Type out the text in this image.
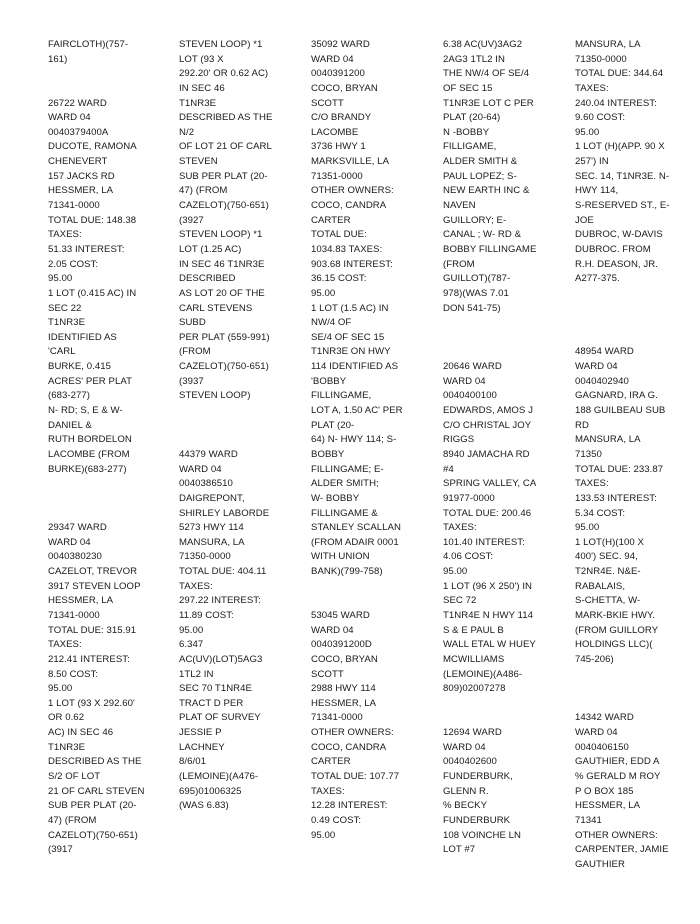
FAIRCLOTH)(757-
161)
26722 WARD
WARD 04
0040379400A
DUCOTE, RAMONA
CHENEVERT
157 JACKS RD
HESSMER, LA
71341-0000
TOTAL DUE: 148.38
TAXES:
51.33 INTEREST:
2.05 COST:
95.00
1 LOT (0.415 AC) IN
SEC 22
T1NR3E
IDENTIFIED AS
'CARL
BURKE, 0.415
ACRES' PER PLAT
(683-277)
N- RD; S, E & W-
DANIEL &
RUTH BORDELON
LACOMBE (FROM
BURKE)(683-277)
29347 WARD
WARD 04
0040380230
CAZELOT, TREVOR
3917 STEVEN LOOP
HESSMER, LA
71341-0000
TOTAL DUE: 315.91
TAXES:
212.41 INTEREST:
8.50 COST:
95.00
1 LOT (93 X 292.60'
OR 0.62
AC) IN SEC 46
T1NR3E
DESCRIBED AS THE
S/2 OF LOT
21 OF CARL STEVEN
SUB PER PLAT (20-
47) (FROM
CAZELOT)(750-651)
(3917
STEVEN LOOP) *1
LOT (93 X
292.20' OR 0.62 AC)
IN SEC 46
T1NR3E
DESCRIBED AS THE
N/2
OF LOT 21 OF CARL
STEVEN
SUB PER PLAT (20-
47) (FROM
CAZELOT)(750-651)
(3927
STEVEN LOOP) *1
LOT (1.25 AC)
IN SEC 46 T1NR3E
DESCRIBED
AS LOT 20 OF THE
CARL STEVENS
SUBD
PER PLAT (559-991)
(FROM
CAZELOT)(750-651)
(3937
STEVEN LOOP)
44379 WARD
WARD 04
0040386510
DAIGREPONT,
SHIRLEY LABORDE
5273 HWY 114
MANSURA, LA
71350-0000
TOTAL DUE: 404.11
TAXES:
297.22 INTEREST:
11.89 COST:
95.00
6.347
AC(UV)(LOT)5AG3
1TL2 IN
SEC 70 T1NR4E
TRACT D PER
PLAT OF SURVEY
JESSIE P
LACHNEY
8/6/01
(LEMOINE)(A476-
695)01006325
(WAS 6.83)
35092 WARD
WARD 04
0040391200
COCO, BRYAN
SCOTT
C/O BRANDY
LACOMBE
3736 HWY 1
MARKSVILLE, LA
71351-0000
OTHER OWNERS:
COCO, CANDRA
CARTER
TOTAL DUE:
1034.83 TAXES:
903.68 INTEREST:
36.15 COST:
95.00
1 LOT (1.5 AC) IN
NW/4 OF
SE/4 OF SEC 15
T1NR3E ON HWY
114 IDENTIFIED AS
'BOBBY
FILLINGAME,
LOT A, 1.50 AC' PER
PLAT (20-
64) N- HWY 114; S-
BOBBY
FILLINGAME; E-
ALDER SMITH;
W- BOBBY
FILLINGAME &
STANLEY SCALLAN
(FROM ADAIR 0001
WITH UNION
BANK)(799-758)
53045 WARD
WARD 04
0040391200D
COCO, BRYAN
SCOTT
2988 HWY 114
HESSMER, LA
71341-0000
OTHER OWNERS:
COCO, CANDRA
CARTER
TOTAL DUE: 107.77
TAXES:
12.28 INTEREST:
0.49 COST:
95.00
6.38 AC(UV)3AG2
2AG3 1TL2 IN
THE NW/4 OF SE/4
OF SEC 15
T1NR3E LOT C PER
PLAT (20-64)
N -BOBBY
FILLIGAME,
ALDER SMITH &
PAUL LOPEZ; S-
NEW EARTH INC &
NAVEN
GUILLORY; E-
CANAL ; W- RD &
BOBBY FILLINGAME
(FROM
GUILLOT)(787-
978)(WAS 7.01
DON 541-75)
20646 WARD
WARD 04
0040400100
EDWARDS, AMOS J
C/O CHRISTAL JOY
RIGGS
8940 JAMACHA RD
#4
SPRING VALLEY, CA
91977-0000
TOTAL DUE: 200.46
TAXES:
101.40 INTEREST:
4.06 COST:
95.00
1 LOT (96 X 250') IN
SEC 72
T1NR4E N HWY 114
S & E PAUL B
WALL ETAL W HUEY
MCWILLIAMS
(LEMOINE)(A486-
809)02007278
12694 WARD
WARD 04
0040402600
FUNDERBURK,
GLENN R.
% BECKY
FUNDERBURK
108 VOINCHE LN
LOT #7
MANSURA, LA
71350-0000
TOTAL DUE: 344.64
TAXES:
240.04 INTEREST:
9.60 COST:
95.00
1 LOT (H)(APP. 90 X
257') IN
SEC. 14, T1NR3E. N-
HWY 114,
S-RESERVED ST., E-
JOE
DUBROC, W-DAVIS
DUBROC. FROM
R.H. DEASON, JR.
A277-375.
48954 WARD
WARD 04
0040402940
GAGNARD, IRA G.
188 GUILBEAU SUB
RD
MANSURA, LA
71350
TOTAL DUE: 233.87
TAXES:
133.53 INTEREST:
5.34 COST:
95.00
1 LOT(H)(100 X
400') SEC. 94,
T2NR4E. N&E-
RABALAIS,
S-CHETTA, W-
MARK-BKIE HWY.
(FROM GUILLORY
HOLDINGS LLC)(
745-206)
14342 WARD
WARD 04
0040406150
GAUTHIER, EDD A
% GERALD M ROY
P O BOX 185
HESSMER, LA
71341
OTHER OWNERS:
CARPENTER, JAMIE
GAUTHIER
